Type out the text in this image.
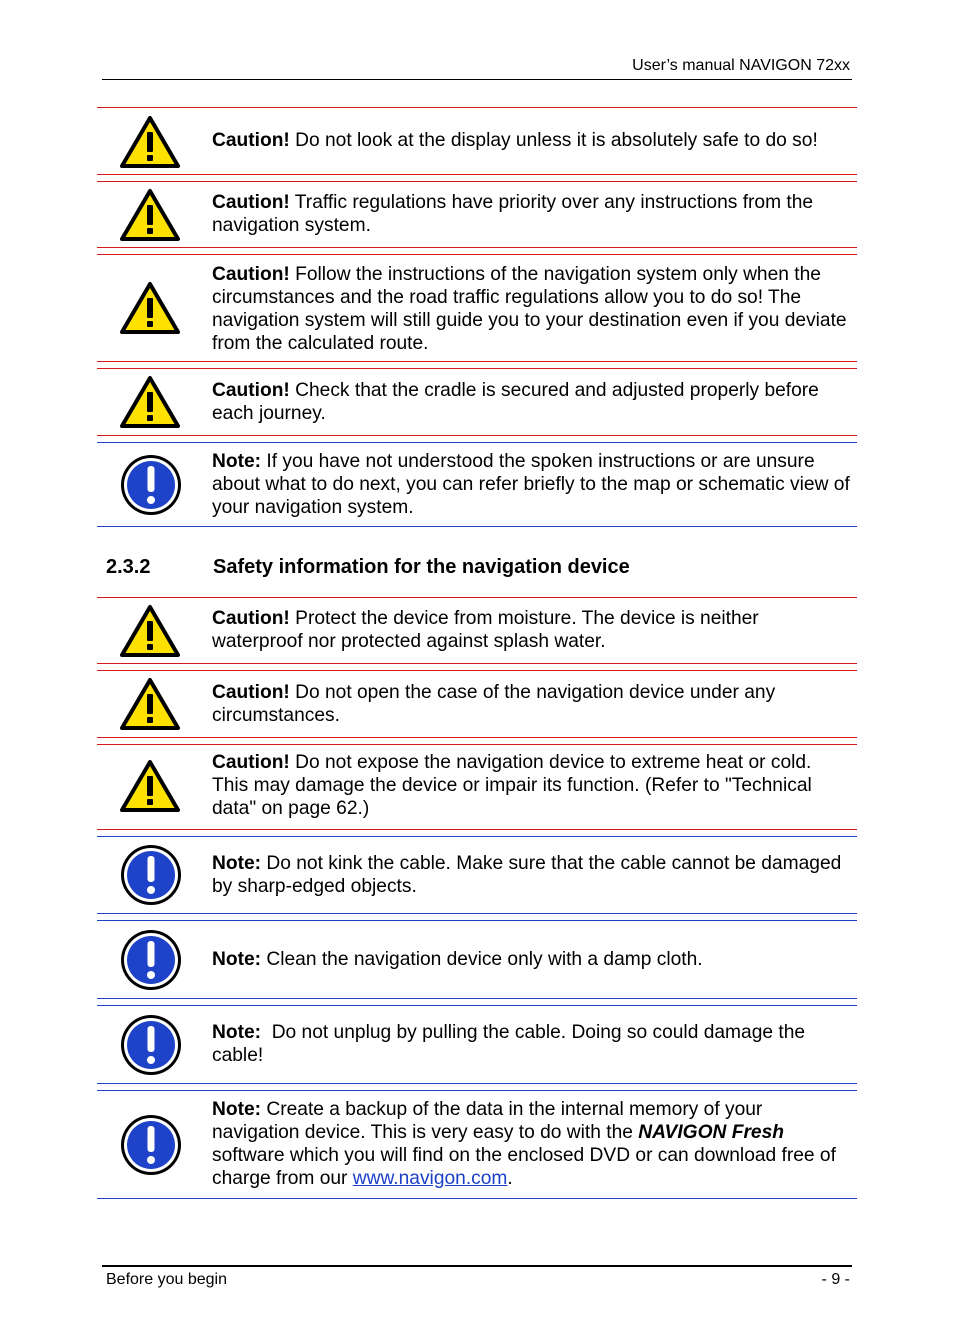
User’s manual NAVIGON 72xx
Caution! Do not look at the display unless it is absolutely safe to do so!
Caution! Traffic regulations have priority over any instructions from the navigation system.
Caution! Follow the instructions of the navigation system only when the circumstances and the road traffic regulations allow you to do so! The navigation system will still guide you to your destination even if you deviate from the calculated route.
Caution! Check that the cradle is secured and adjusted properly before each journey.
Note: If you have not understood the spoken instructions or are unsure about what to do next, you can refer briefly to the map or schematic view of your navigation system.
2.3.2	Safety information for the navigation device
Caution! Protect the device from moisture. The device is neither waterproof nor protected against splash water.
Caution! Do not open the case of the navigation device under any circumstances.
Caution! Do not expose the navigation device to extreme heat or cold. This may damage the device or impair its function. (Refer to "Technical data" on page 62.)
Note: Do not kink the cable. Make sure that the cable cannot be damaged by sharp-edged objects.
Note: Clean the navigation device only with a damp cloth.
Note:  Do not unplug by pulling the cable. Doing so could damage the cable!
Note: Create a backup of the data in the internal memory of your navigation device. This is very easy to do with the NAVIGON Fresh software which you will find on the enclosed DVD or can download free of charge from our www.navigon.com.
Before you begin	- 9 -
